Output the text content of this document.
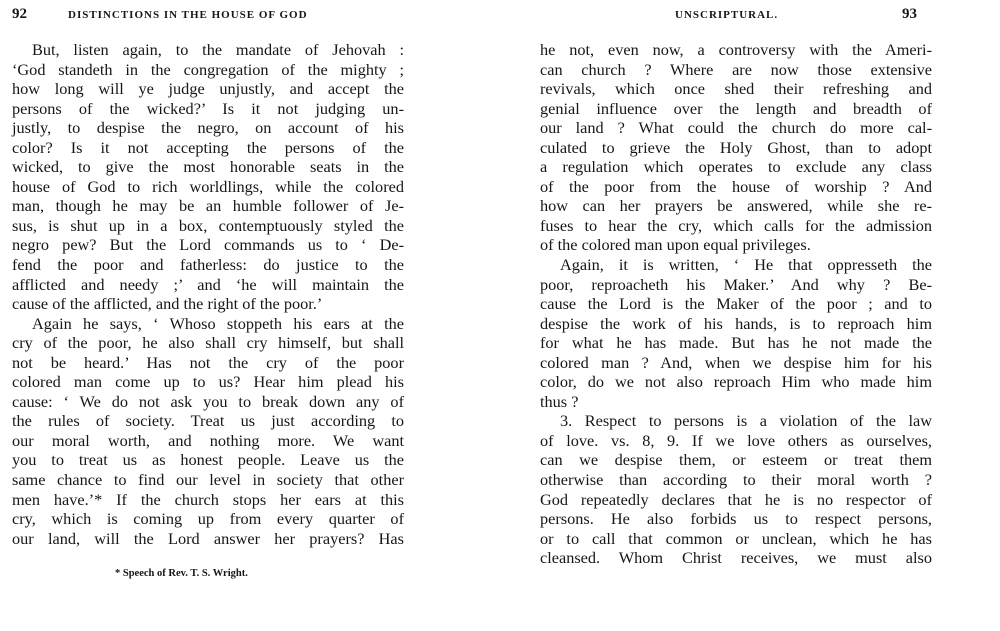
92	DISTINCTIONS IN THE HOUSE OF GOD
But, listen again, to the mandate of Jehovah :
‘God standeth in the congregation of the mighty ;
how long will ye judge unjustly, and accept the
persons of the wicked?’ Is it not judging un-
justly, to despise the negro, on account of his
color? Is it not accepting the persons of the
wicked, to give the most honorable seats in the
house of God to rich worldlings, while the colored
man, though he may be an humble follower of Je-
sus, is shut up in a box, contemptuously styled the
negro pew? But the Lord commands us to ‘ De-
fend the poor and fatherless: do justice to the
afflicted and needy ;’ and ‘he will maintain the
cause of the afflicted, and the right of the poor.’
Again he says, ‘ Whoso stoppeth his ears at the
cry of the poor, he also shall cry himself, but shall
not be heard.’ Has not the cry of the poor
colored man come up to us? Hear him plead his
cause: ‘ We do not ask you to break down any of
the rules of society. Treat us just according to
our moral worth, and nothing more. We want
you to treat us as honest people. Leave us the
same chance to find our level in society that other
men have.’* If the church stops her ears at this
cry, which is coming up from every quarter of
our land, will the Lord answer her prayers? Has
* Speech of Rev. T. S. Wright.
UNSCRIPTURAL.	93
he not, even now, a controversy with the Ameri-
can church ? Where are now those extensive
revivals, which once shed their refreshing and
genial influence over the length and breadth of
our land ? What could the church do more cal-
culated to grieve the Holy Ghost, than to adopt
a regulation which operates to exclude any class
of the poor from the house of worship ? And
how can her prayers be answered, while she re-
fuses to hear the cry, which calls for the admission
of the colored man upon equal privileges.
Again, it is written, ‘ He that oppresseth the
poor, reproacheth his Maker.’ And why ? Be-
cause the Lord is the Maker of the poor ; and to
despise the work of his hands, is to reproach him
for what he has made. But has he not made the
colored man ? And, when we despise him for his
color, do we not also reproach Him who made him
thus ?
3. Respect to persons is a violation of the law
of love. vs. 8, 9. If we love others as ourselves,
can we despise them, or esteem or treat them
otherwise than according to their moral worth ?
God repeatedly declares that he is no respector of
persons. He also forbids us to respect persons,
or to call that common or unclean, which he has
cleansed. Whom Christ receives, we must also
